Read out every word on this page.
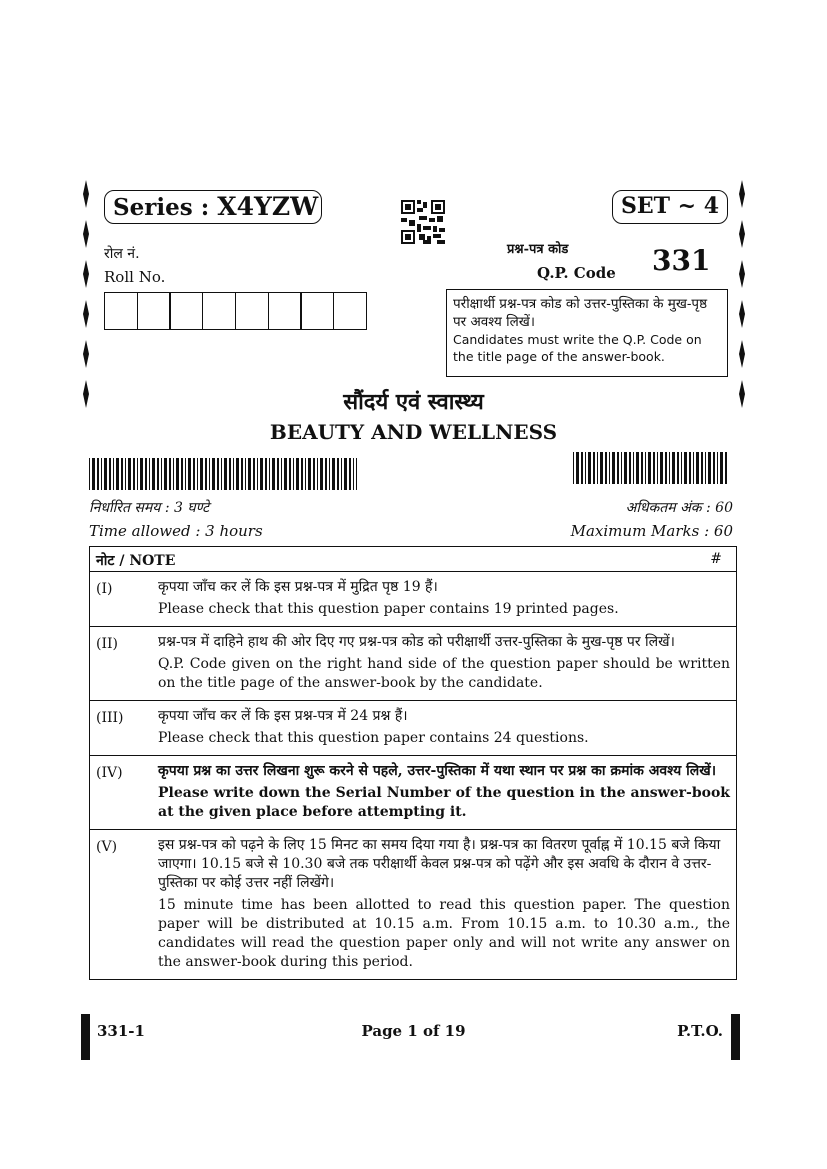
Series : X4YZW	SET ~ 4
रोल नं.
Roll No.
प्रश्न-पत्र कोड
Q.P. Code 331
परीक्षार्थी प्रश्न-पत्र कोड को उत्तर-पुस्तिका के मुख-पृष्ठ पर अवश्य लिखें।
Candidates must write the Q.P. Code on the title page of the answer-book.
सौंदर्य एवं स्वास्थ्य
BEAUTY AND WELLNESS
निर्धारित समय : 3 घण्टे	अधिकतम अंक : 60
Time allowed : 3 hours	Maximum Marks : 60
नोट / NOTE	#
(I)	कृपया जाँच कर लें कि इस प्रश्न-पत्र में मुद्रित पृष्ठ 19 हैं।

Please check that this question paper contains 19 printed pages.

(II)	प्रश्न-पत्र में दाहिने हाथ की ओर दिए गए प्रश्न-पत्र कोड को परीक्षार्थी उत्तर-पुस्तिका के मुख-पृष्ठ पर लिखें।

Q.P. Code given on the right hand side of the question paper should be written on the title page of the answer-book by the candidate.

(III) कृपया जाँच कर लें कि इस प्रश्न-पत्र में 24 प्रश्न हैं।

Please check that this question paper contains 24 questions.

(IV)	कृपया प्रश्न का उत्तर लिखना शुरू करने से पहले, उत्तर-पुस्तिका में यथा स्थान पर प्रश्न का क्रमांक अवश्य लिखें।

Please write down the Serial Number of the question in the answer-book at the given place before attempting it.

(V)	इस प्रश्न-पत्र को पढ़ने के लिए 15 मिनट का समय दिया गया है। प्रश्न-पत्र का वितरण पूर्वाह्न में 10.15 बजे किया जाएगा। 10.15 बजे से 10.30 बजे तक परीक्षार्थी केवल प्रश्न-पत्र को पढ़ेंगे और इस अवधि के दौरान वे उत्तर-पुस्तिका पर कोई उत्तर नहीं लिखेंगे।

15 minute time has been allotted to read this question paper. The question paper will be distributed at 10.15 a.m. From 10.15 a.m. to 10.30 a.m., the candidates will read the question paper only and will not write any answer on the answer-book during this period.

331-1	Page 1 of 19	P.T.O.
